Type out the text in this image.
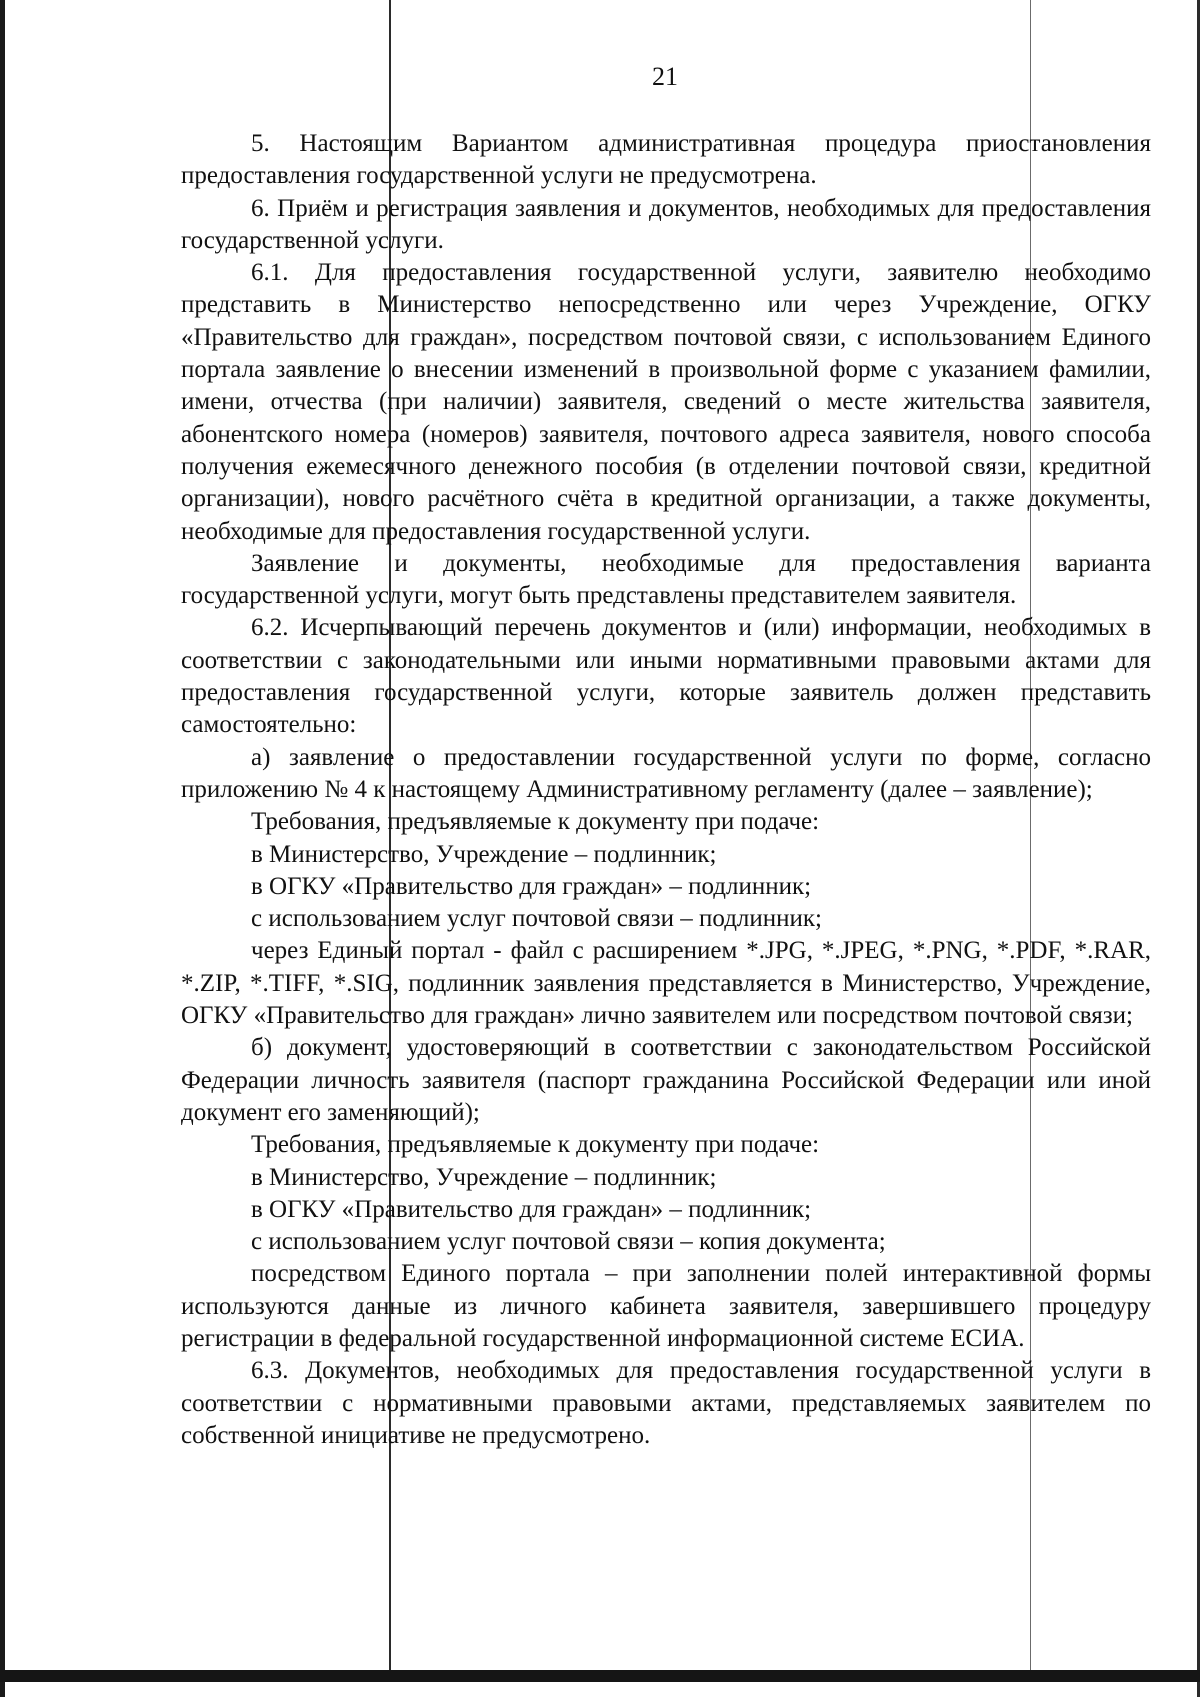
21

5. Настоящим Вариантом административная процедура приостановления предоставления государственной услуги не предусмотрена.

6. Приём и регистрация заявления и документов, необходимых для предоставления государственной услуги.

6.1. Для предоставления государственной услуги, заявителю необходимо представить в Министерство непосредственно или через Учреждение, ОГКУ «Правительство для граждан», посредством почтовой связи, с использованием Единого портала заявление о внесении изменений в произвольной форме с указанием фамилии, имени, отчества (при наличии) заявителя, сведений о месте жительства заявителя, абонентского номера (номеров) заявителя, почтового адреса заявителя, нового способа получения ежемесячного денежного пособия (в отделении почтовой связи, кредитной организации), нового расчётного счёта в кредитной организации, а также документы, необходимые для предоставления государственной услуги.

Заявление и документы, необходимые для предоставления варианта государственной услуги, могут быть представлены представителем заявителя.

6.2. Исчерпывающий перечень документов и (или) информации, необходимых в соответствии с законодательными или иными нормативными правовыми актами для предоставления государственной услуги, которые заявитель должен представить самостоятельно:

а) заявление о предоставлении государственной услуги по форме, согласно приложению № 4 к настоящему Административному регламенту (далее – заявление);

Требования, предъявляемые к документу при подаче:

в Министерство, Учреждение – подлинник;

в ОГКУ «Правительство для граждан» – подлинник;

с использованием услуг почтовой связи – подлинник;

через Единый портал - файл с расширением *.JPG, *.JPEG, *.PNG, *.PDF, *.RAR, *.ZIP, *.TIFF, *.SIG, подлинник заявления представляется в Министерство, Учреждение, ОГКУ «Правительство для граждан» лично заявителем или посредством почтовой связи;

б) документ, удостоверяющий в соответствии с законодательством Российской Федерации личность заявителя (паспорт гражданина Российской Федерации или иной документ его заменяющий);

Требования, предъявляемые к документу при подаче:

в Министерство, Учреждение – подлинник;

в ОГКУ «Правительство для граждан» – подлинник;

с использованием услуг почтовой связи – копия документа;

посредством Единого портала – при заполнении полей интерактивной формы используются данные из личного кабинета заявителя, завершившего процедуру регистрации в федеральной государственной информационной системе ЕСИА.

6.3. Документов, необходимых для предоставления государственной услуги в соответствии с нормативными правовыми актами, представляемых заявителем по собственной инициативе не предусмотрено.
